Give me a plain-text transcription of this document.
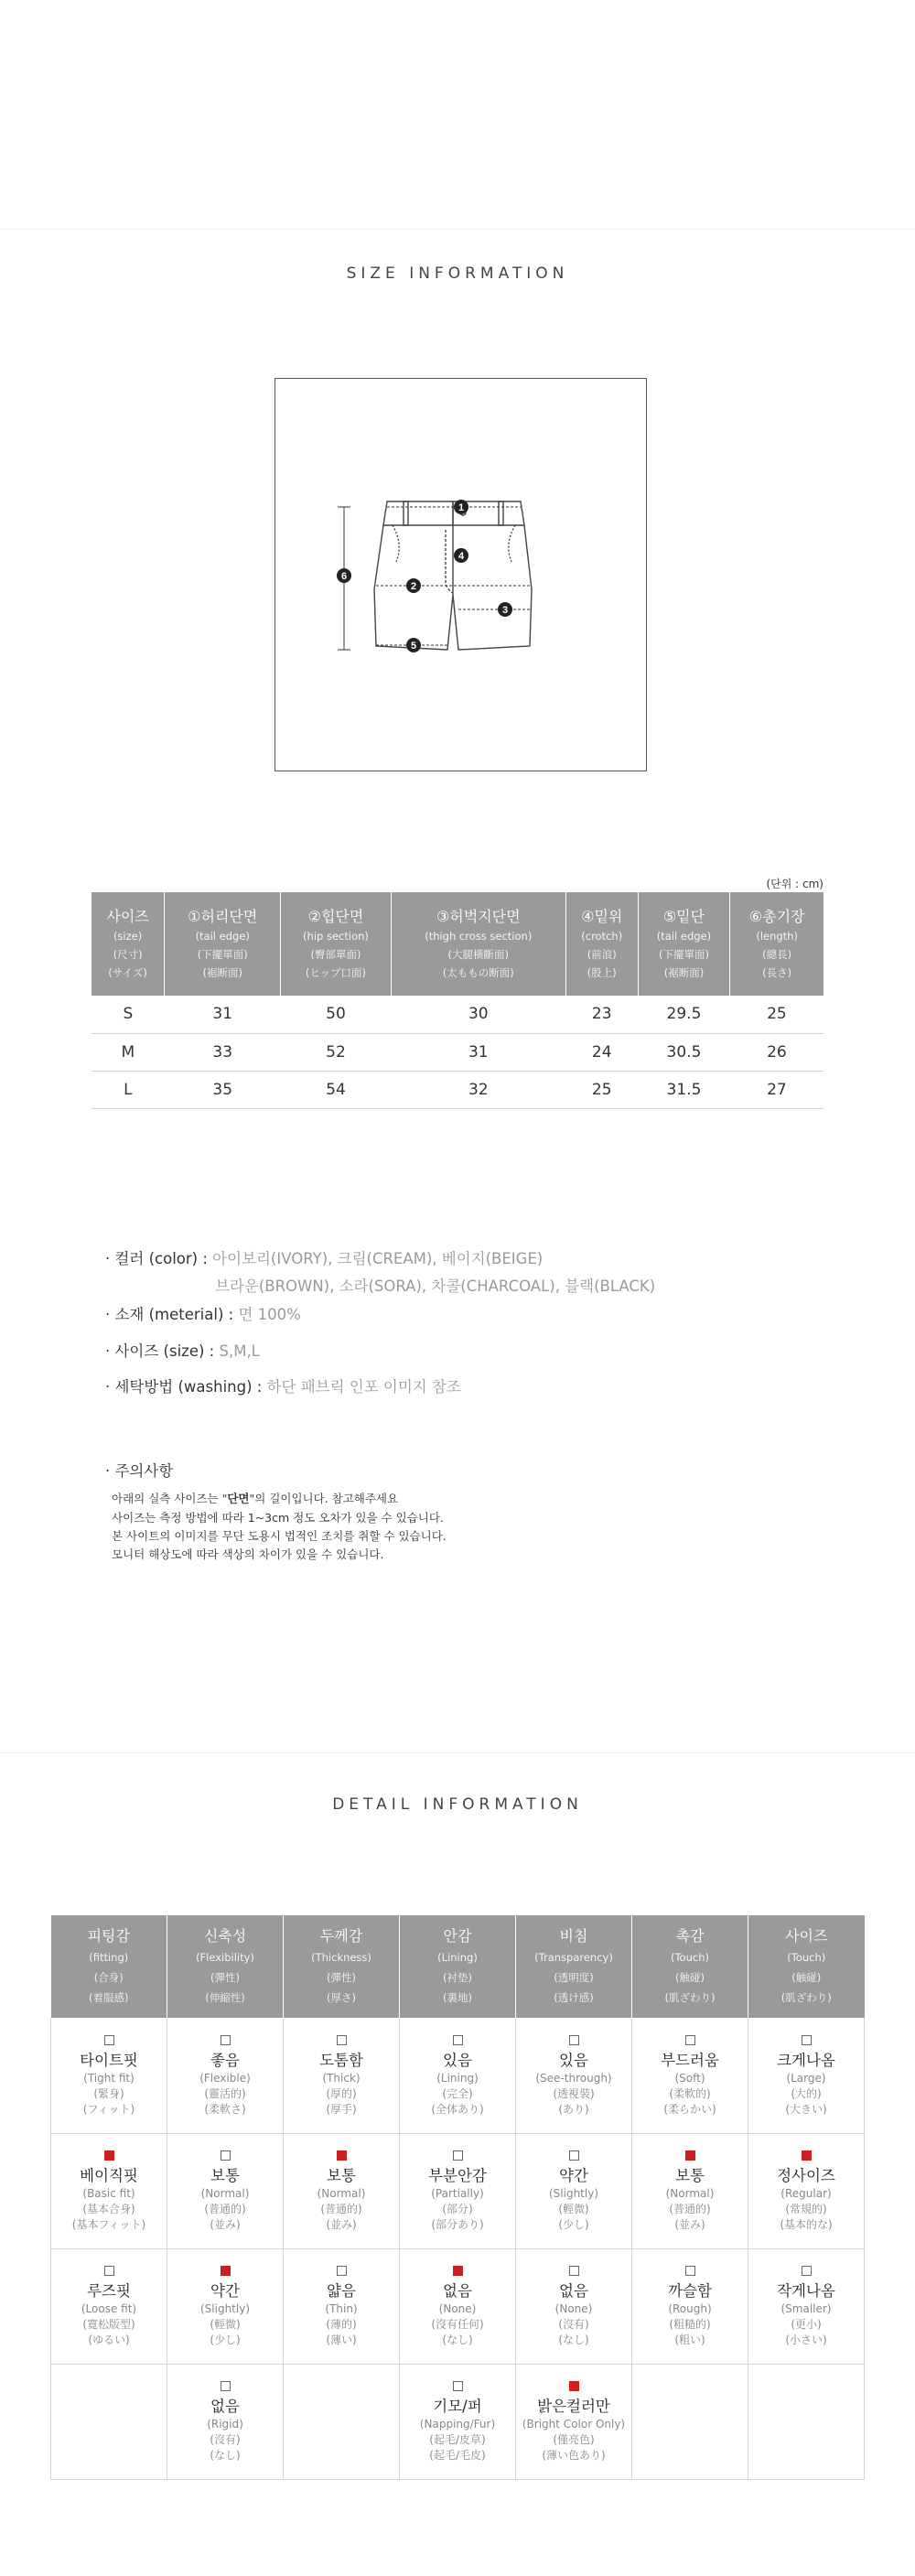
SIZE INFORMATION
1
2
3
4
5
6
(단위 : cm)
사이즈
(size)
(尺寸)
(サイズ)	①허리단면
(tail edge)
(下擺單面)
(裾断面)	②힙단면
(hip section)
(臀部單面)
(ヒップ口面)	③허벅지단면
(thigh cross section)
(大腿橫斷面)
(太ももの断面)	④밑위
(crotch)
(前浪)
(股上)	⑤밑단
(tail edge)
(下擺單面)
(裾断面)	⑥총기장
(length)
(總長)
(長さ)

S	31	50	30	23	29.5	25
M	33	52	31	24	30.5	26
L	35	54	32	25	31.5	27
· 컬러 (color) : 아이보리(IVORY), 크림(CREAM), 베이지(BEIGE)
브라운(BROWN), 소라(SORA), 차콜(CHARCOAL), 블랙(BLACK)
· 소재 (meterial) : 면 100%
· 사이즈 (size) : S,M,L
· 세탁방법 (washing) : 하단 패브릭 인포 이미지 참조
· 주의사항
아래의 실측 사이즈는 "단면"의 길이입니다. 참고해주세요
사이즈는 측정 방법에 따라 1~3cm 정도 오차가 있을 수 있습니다.
본 사이트의 이미지를 무단 도용시 법적인 조치를 취할 수 있습니다.
모니터 해상도에 따라 색상의 차이가 있을 수 있습니다.
DETAIL INFORMATION
피팅감
(fitting)
(合身)
(着服感)	신축성
(Flexibility)
(彈性)
(伸縮性)	두께감
(Thickness)
(彈性)
(厚さ)	안감
(Lining)
(衬垫)
(裏地)	비침
(Transparency)
(透明度)
(透け感)	촉감
(Touch)
(触碰)
(肌ざわり)	사이즈
(Touch)
(触碰)
(肌ざわり)

타이트핏
(Tight fit)
(緊身)
(フィット)	좋음
(Flexible)
(靈活的)
(柔軟さ)	도톰함
(Thick)
(厚的)
(厚手)	있음
(Lining)
(完全)
(全体あり)	있음
(See-through)
(透視裝)
(あり)	부드러움
(Soft)
(柔軟的)
(柔らかい)	크게나옴
(Large)
(大的)
(大きい)

베이직핏
(Basic fit)
(基本合身)
(基本フィット)	보통
(Normal)
(普通的)
(並み)	보통
(Normal)
(普通的)
(並み)	부분안감
(Partially)
(部分)
(部分あり)	약간
(Slightly)
(輕微)
(少し)	보통
(Normal)
(普通的)
(並み)	정사이즈
(Regular)
(常規的)
(基本的な)

루즈핏
(Loose fit)
(寛松版型)
(ゆるい)	약간
(Slightly)
(輕微)
(少し)	얇음
(Thin)
(薄的)
(薄い)	없음
(None)
(沒有任何)
(なし)	없음
(None)
(沒有)
(なし)	까슬함
(Rough)
(粗糙的)
(粗い)	작게나옴
(Smaller)
(更小)
(小さい)

	없음
(Rigid)
(沒有)
(なし)		기모/퍼
(Napping/Fur)
(起毛/皮草)
(起毛/毛皮)	밝은컬러만
(Bright Color Only)
(僅亮色)
(薄い色あり)		
